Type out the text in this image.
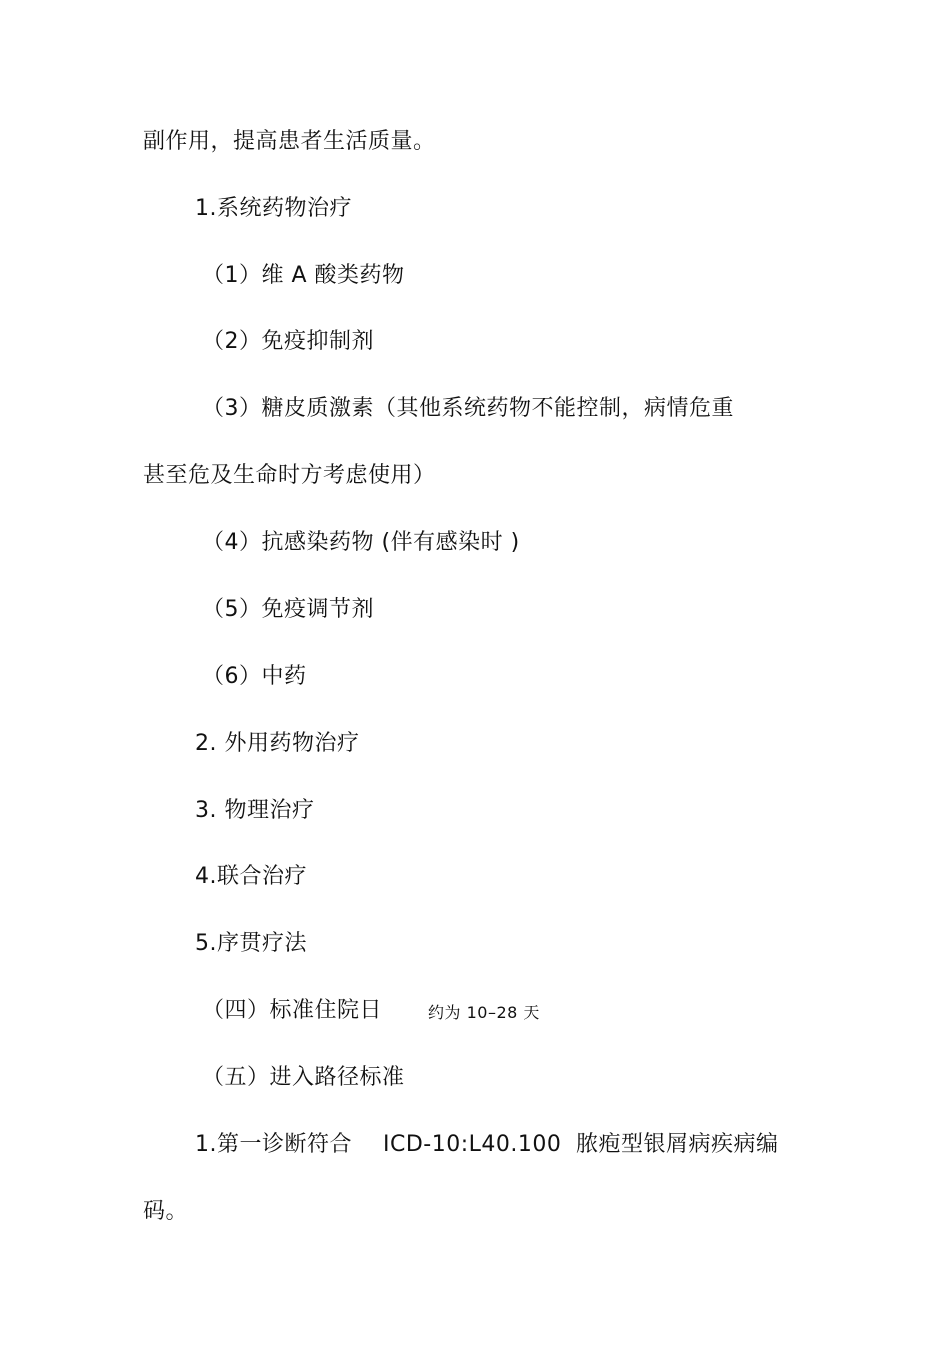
副作用，提高患者生活质量。
1.系统药物治疗
（1）维 A 酸类药物
（2）免疫抑制剂
（3）糖皮质激素（其他系统药物不能控制，病情危重
甚至危及生命时方考虑使用）
（4）抗感染药物 (伴有感染时 )
（5）免疫调节剂
（6）中药
2. 外用药物治疗
3. 物理治疗
4.联合治疗
5.序贯疗法
（四）标准住院日	约为 10–28 天
（五）进入路径标准
1.第一诊断符合 ICD-10:L40.100 脓疱型银屑病疾病编
码。
